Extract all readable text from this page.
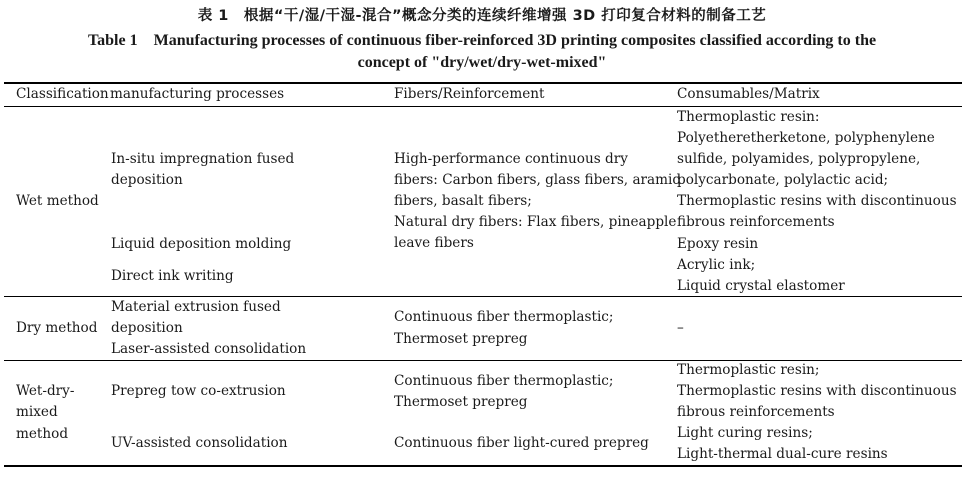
表 1　根据“干/湿/干湿-混合”概念分类的连续纤维增强 3D 打印复合材料的制备工艺
Table 1　Manufacturing processes of continuous fiber-reinforced 3D printing composites classified according to the
concept of "dry/wet/dry-wet-mixed"
Classification manufacturing processes	Fibers/Reinforcement	Consumables/Matrix
Wet method
In-situ impregnation fused
deposition
Liquid deposition molding
Direct ink writing
High-performance continuous dry
fibers: Carbon fibers, glass fibers, aramid
fibers, basalt fibers;
Natural dry fibers: Flax fibers, pineapple
leave fibers
Thermoplastic resin:
Polyetheretherketone, polyphenylene
sulfide, polyamides, polypropylene,
polycarbonate, polylactic acid;
Thermoplastic resins with discontinuous
fibrous reinforcements
Epoxy resin
Acrylic ink;
Liquid crystal elastomer
Dry method
Material extrusion fused
deposition
Laser-assisted consolidation
Continuous fiber thermoplastic;
Thermoset prepreg
–
Wet-dry-
mixed
method
Prepreg tow co-extrusion
UV-assisted consolidation
Continuous fiber thermoplastic;
Thermoset prepreg
Continuous fiber light-cured prepreg
Thermoplastic resin;
Thermoplastic resins with discontinuous
fibrous reinforcements
Light curing resins;
Light-thermal dual-cure resins
